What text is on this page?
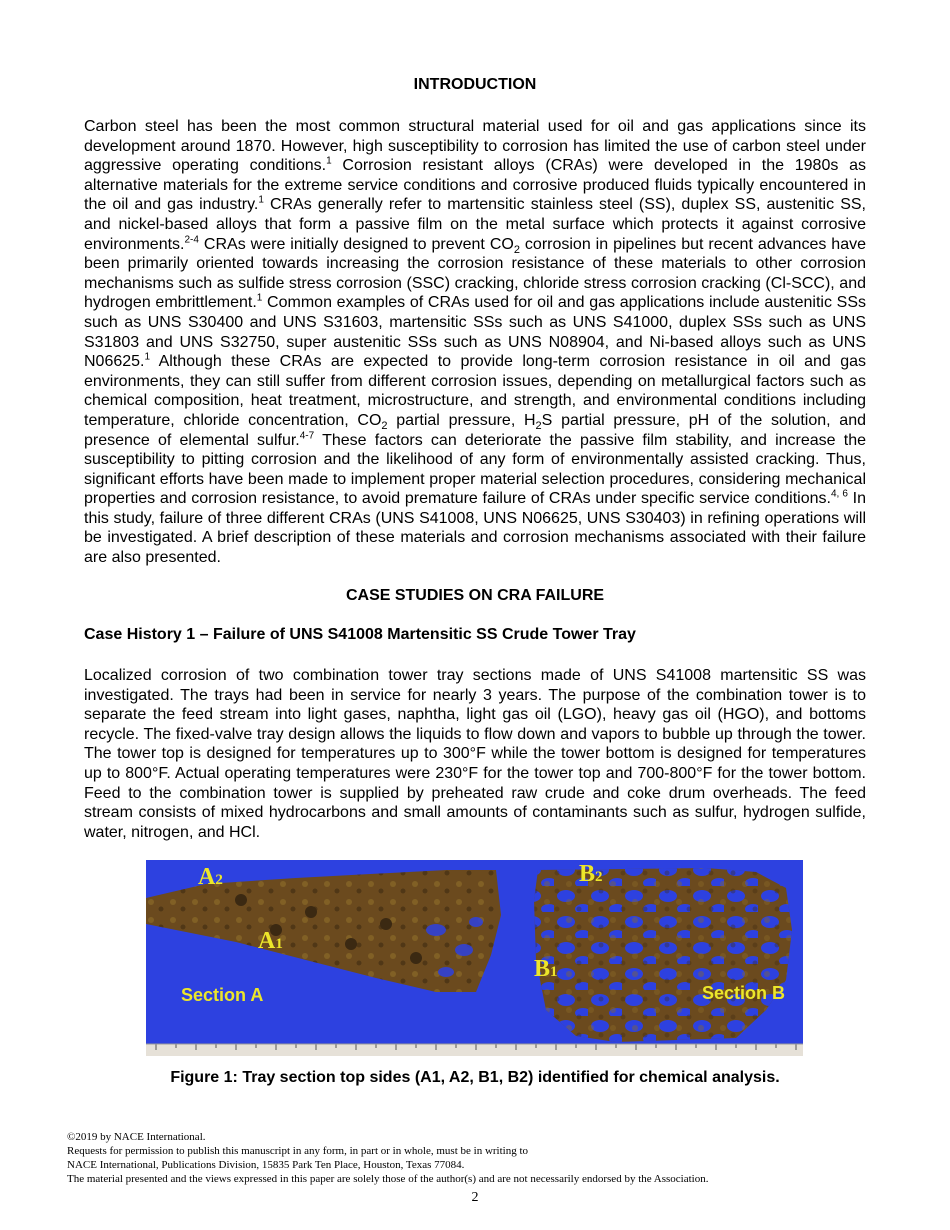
INTRODUCTION

Carbon steel has been the most common structural material used for oil and gas applications since its development around 1870. However, high susceptibility to corrosion has limited the use of carbon steel under aggressive operating conditions.$^1$ Corrosion resistant alloys (CRAs) were developed in the 1980s as alternative materials for the extreme service conditions and corrosive produced fluids typically encountered in the oil and gas industry.$^1$ CRAs generally refer to martensitic stainless steel (SS), duplex SS, austenitic SS, and nickel-based alloys that form a passive film on the metal surface which protects it against corrosive environments.$^{2-4}$ CRAs were initially designed to prevent $CO_2$ corrosion in pipelines but recent advances have been primarily oriented towards increasing the corrosion resistance of these materials to other corrosion mechanisms such as sulfide stress corrosion (SSC) cracking, chloride stress corrosion cracking (Cl-SCC), and hydrogen embrittlement.$^1$ Common examples of CRAs used for oil and gas applications include austenitic SSs such as UNS S30400 and UNS S31603, martensitic SSs such as UNS S41000, duplex SSs such as UNS S31803 and UNS S32750, super austenitic SSs such as UNS N08904, and Ni-based alloys such as UNS N06625.$^1$ Although these CRAs are expected to provide long-term corrosion resistance in oil and gas environments, they can still suffer from different corrosion issues, depending on metallurgical factors such as chemical composition, heat treatment, microstructure, and strength, and environmental conditions including temperature, chloride concentration, $CO_2$ partial pressure, $H_2S$ partial pressure, pH of the solution, and presence of elemental sulfur.$^{4-7}$ These factors can deteriorate the passive film stability, and increase the susceptibility to pitting corrosion and the likelihood of any form of environmentally assisted cracking. Thus, significant efforts have been made to implement proper material selection procedures, considering mechanical properties and corrosion resistance, to avoid premature failure of CRAs under specific service conditions.$^{4, 6}$ In this study, failure of three different CRAs (UNS S41008, UNS N06625, UNS S30403) in refining operations will be investigated. A brief description of these materials and corrosion mechanisms associated with their failure are also presented.

CASE STUDIES ON CRA FAILURE
Case History 1 – Failure of UNS S41008 Martensitic SS Crude Tower Tray

Localized corrosion of two combination tower tray sections made of UNS S41008 martensitic SS was investigated. The trays had been in service for nearly 3 years. The purpose of the combination tower is to separate the feed stream into light gases, naphtha, light gas oil (LGO), heavy gas oil (HGO), and bottoms recycle. The fixed-valve tray design allows the liquids to flow down and vapors to bubble up through the tower. The tower top is designed for temperatures up to 300°F while the tower bottom is designed for temperatures up to 800°F. Actual operating temperatures were 230°F for the tower top and 700-800°F for the tower bottom. Feed to the combination tower is supplied by preheated raw crude and coke drum overheads. The feed stream consists of mixed hydrocarbons and small amounts of contaminants such as sulfur, hydrogen sulfide, water, nitrogen, and HCl.

A2
A1
B2
B1
Section A	Section B
Figure 1: Tray section top sides (A1, A2, B1, B2) identified for chemical analysis.
©2019 by NACE International.
Requests for permission to publish this manuscript in any form, in part or in whole, must be in writing to
NACE International, Publications Division, 15835 Park Ten Place, Houston, Texas 77084.
The material presented and the views expressed in this paper are solely those of the author(s) and are not necessarily endorsed by the Association.
2
